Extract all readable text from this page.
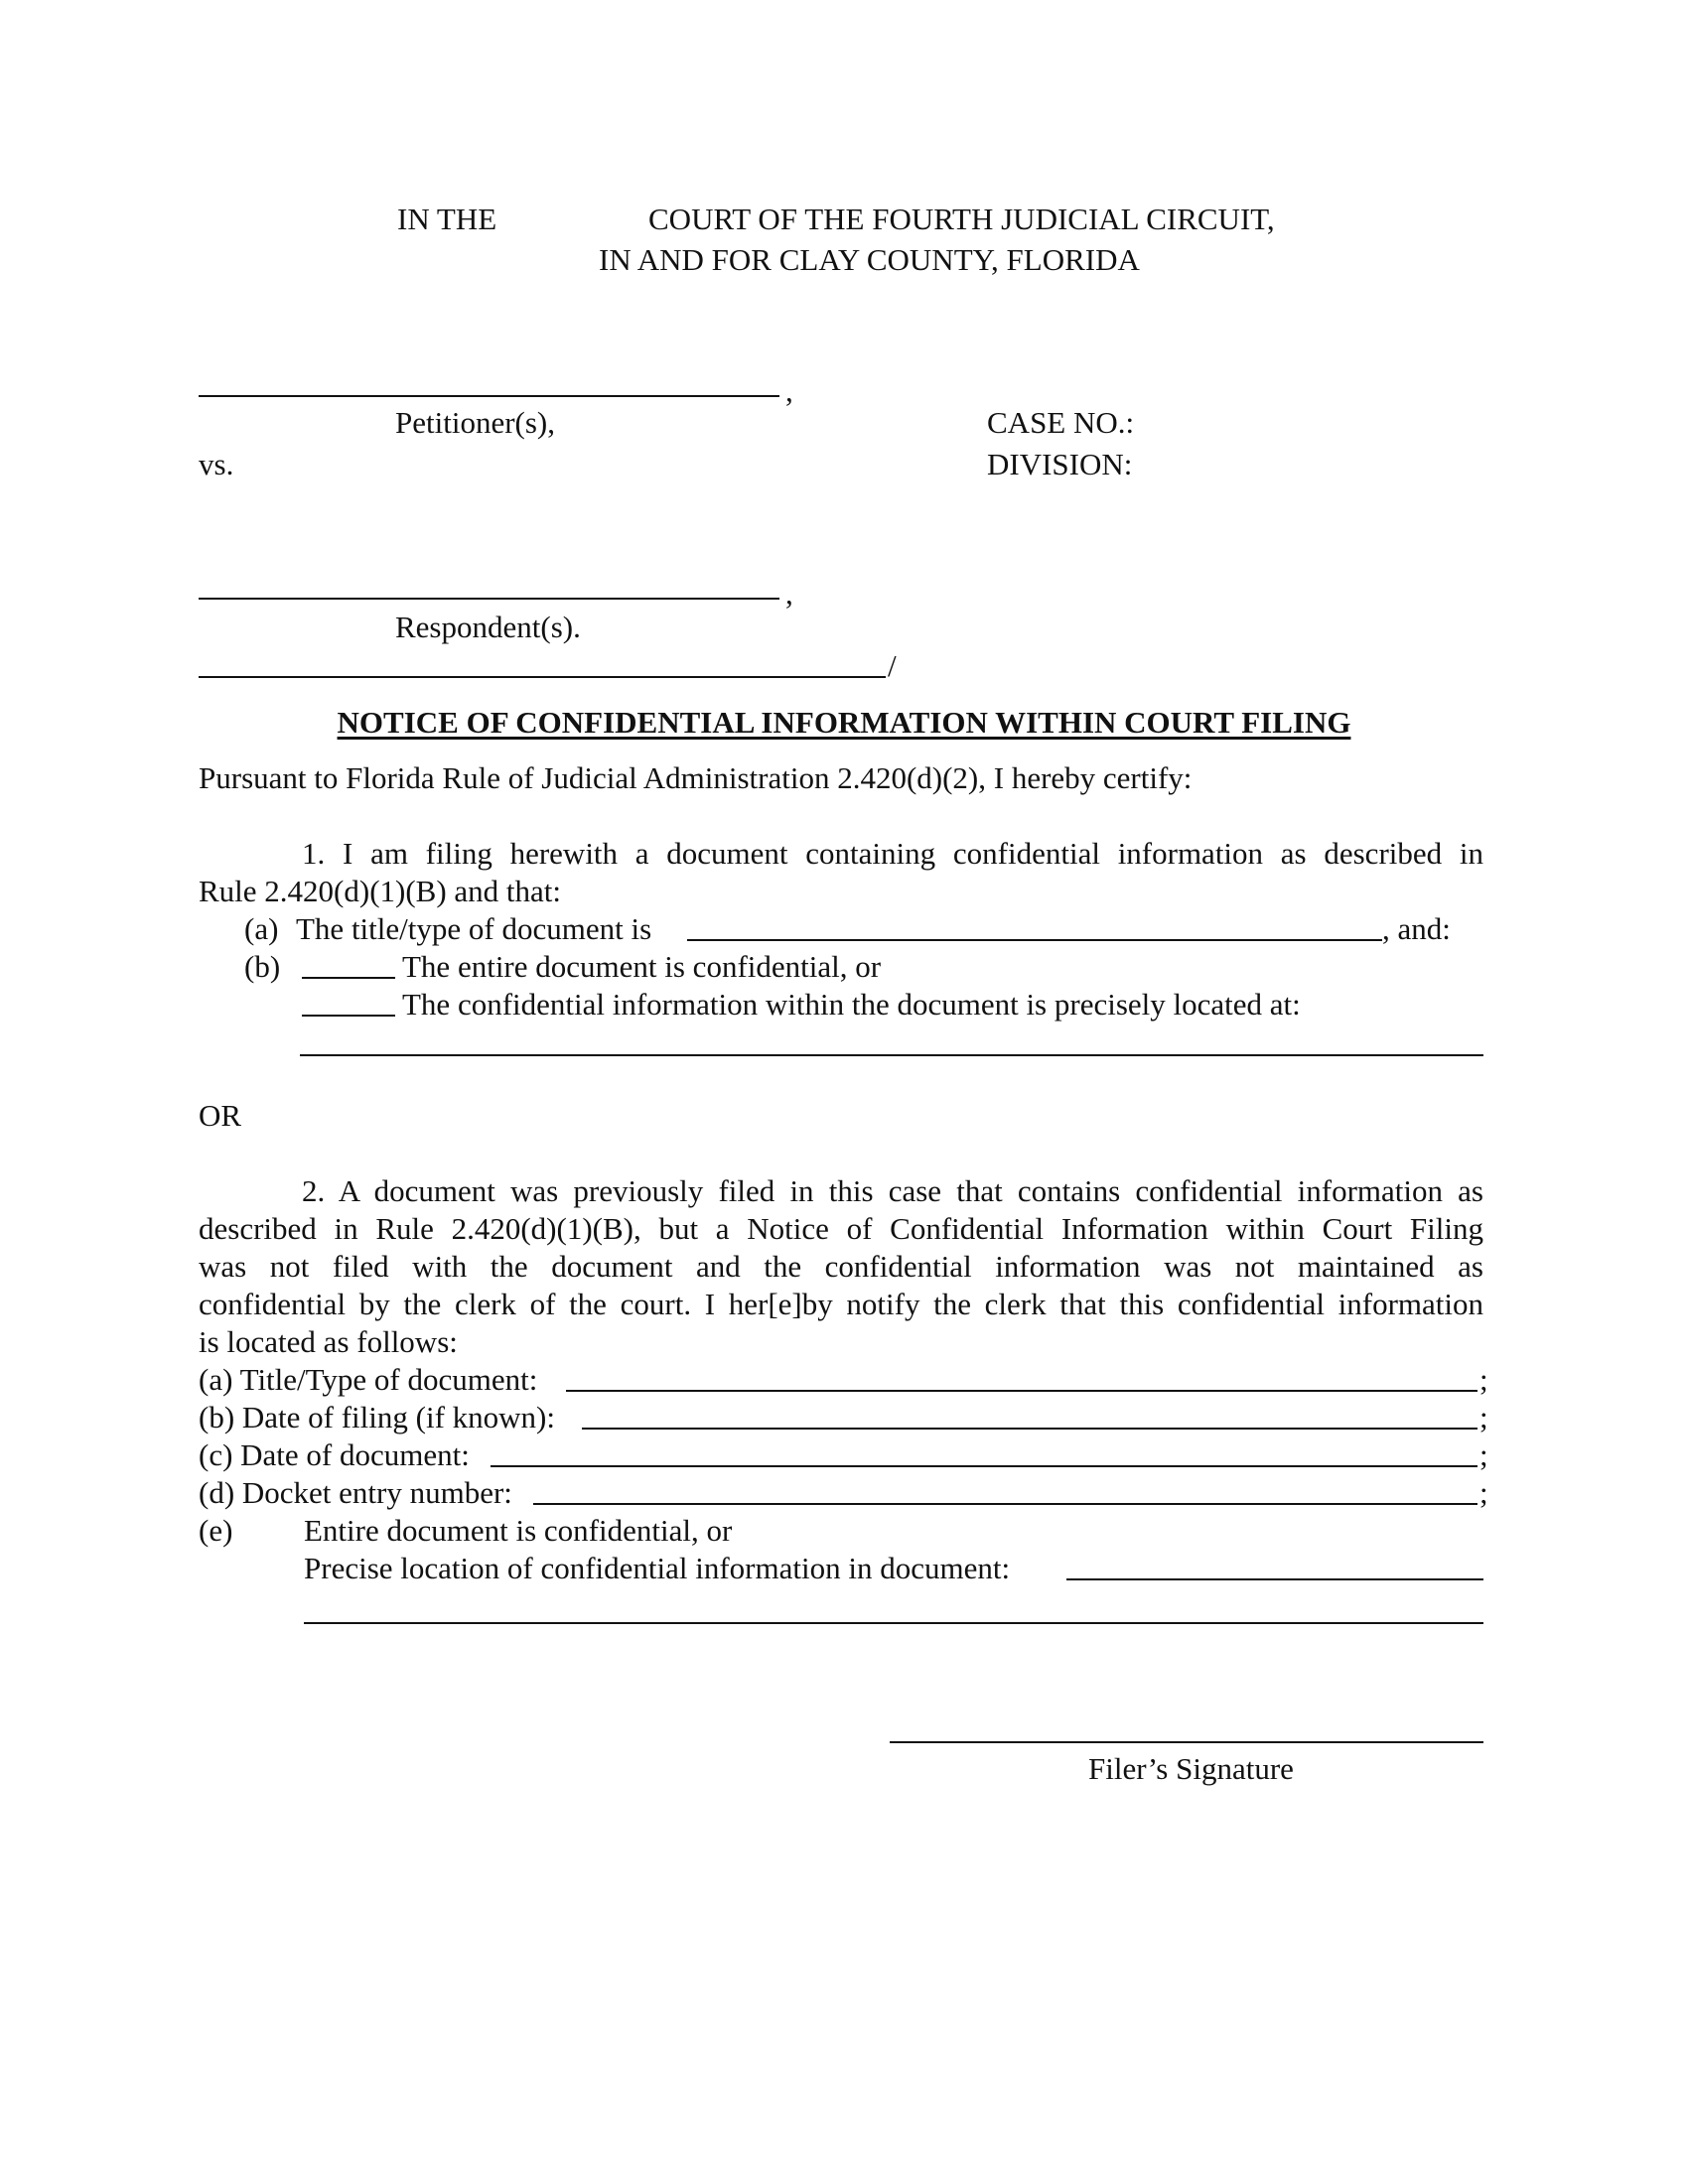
IN THE	COURT OF THE FOURTH JUDICIAL CIRCUIT,
IN AND FOR CLAY COUNTY, FLORIDA
,
Petitioner(s),
vs.
CASE NO.:
DIVISION:
,
Respondent(s).
/
NOTICE OF CONFIDENTIAL INFORMATION WITHIN COURT FILING
Pursuant to Florida Rule of Judicial Administration 2.420(d)(2), I hereby certify:
1. I am filing herewith a document containing confidential information as described in
Rule 2.420(d)(1)(B) and that:
(a) The title/type of document is	, and:
(b)	The entire document is confidential, or
The confidential information within the document is precisely located at:
OR
2. A document was previously filed in this case that contains confidential information as
described in Rule 2.420(d)(1)(B), but a Notice of Confidential Information within Court Filing
was not filed with the document and the confidential information was not maintained as
confidential by the clerk of the court. I her[e]by notify the clerk that this confidential information
is located as follows:
(a) Title/Type of document:	;
(b) Date of filing (if known):	;
(c) Date of document:	;
(d) Docket entry number:	;
(e) Entire document is confidential, or
Precise location of confidential information in document:
Filer’s Signature
